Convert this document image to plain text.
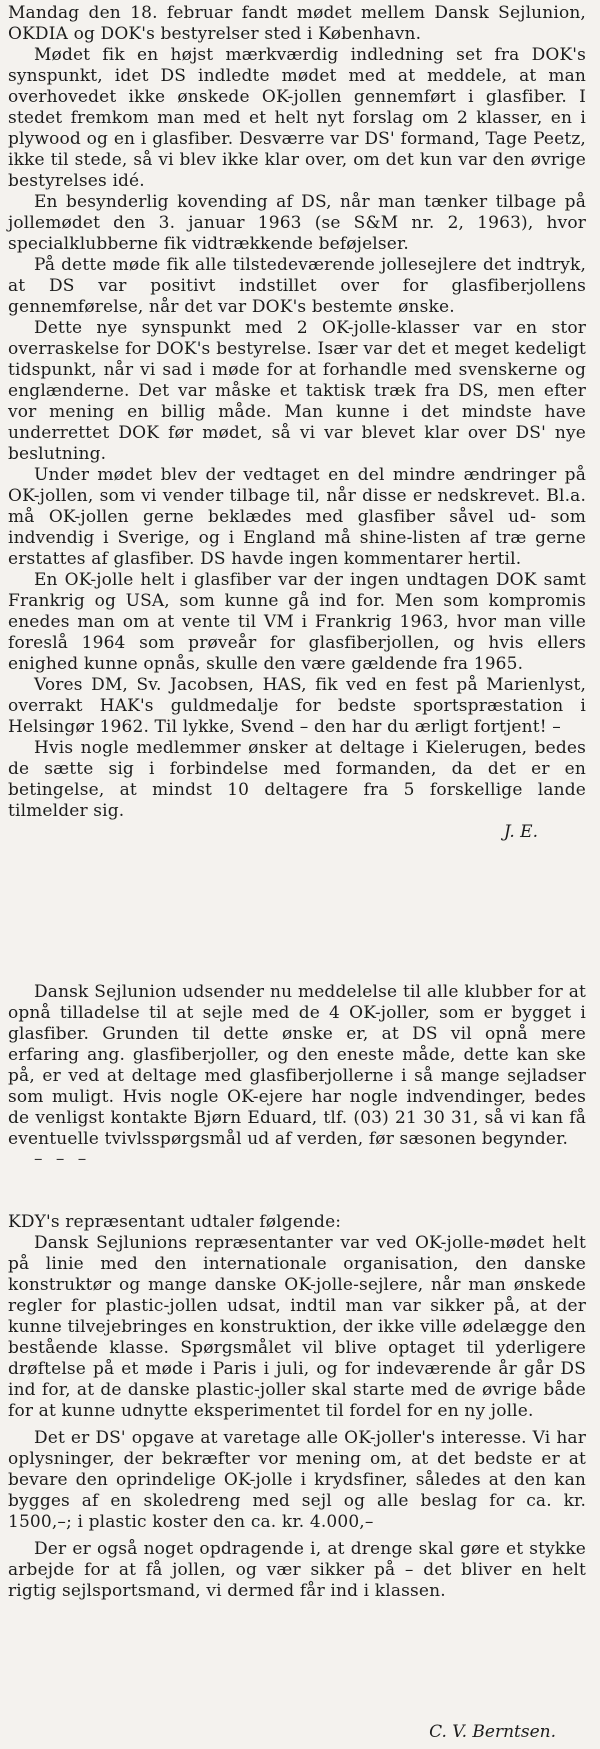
Mandag den 18. februar fandt mødet mellem Dansk Sejlunion, OKDIA og DOK's bestyrelser sted i København.

Mødet fik en højst mærkværdig indledning set fra DOK's synspunkt, idet DS indledte mødet med at meddele, at man overhovedet ikke ønskede OK-jollen gennemført i glasfiber. I stedet fremkom man med et helt nyt forslag om 2 klasser, en i plywood og en i glasfiber. Desværre var DS' formand, Tage Peetz, ikke til stede, så vi blev ikke klar over, om det kun var den øvrige bestyrelses idé.

En besynderlig kovending af DS, når man tænker tilbage på jollemødet den 3. januar 1963 (se S&M nr. 2, 1963), hvor specialklubberne fik vidtrækkende beføjelser.

På dette møde fik alle tilstedeværende jollesejlere det indtryk, at DS var positivt indstillet over for glasfiberjollens gennemførelse, når det var DOK's bestemte ønske.

Dette nye synspunkt med 2 OK-jolle-klasser var en stor overraskelse for DOK's bestyrelse. Især var det et meget kedeligt tidspunkt, når vi sad i møde for at forhandle med svenskerne og englænderne. Det var måske et taktisk træk fra DS, men efter vor mening en billig måde. Man kunne i det mindste have underrettet DOK før mødet, så vi var blevet klar over DS' nye beslutning.

Under mødet blev der vedtaget en del mindre ændringer på OK-jollen, som vi vender tilbage til, når disse er nedskrevet. Bl.a. må OK-jollen gerne beklædes med glasfiber såvel ud- som indvendig i Sverige, og i England må shine-listen af træ gerne erstattes af glasfiber. DS havde ingen kommentarer hertil.

En OK-jolle helt i glasfiber var der ingen undtagen DOK samt Frankrig og USA, som kunne gå ind for. Men som kompromis enedes man om at vente til VM i Frankrig 1963, hvor man ville foreslå 1964 som prøveår for glasfiberjollen, og hvis ellers enighed kunne opnås, skulle den være gældende fra 1965.

Vores DM, Sv. Jacobsen, HAS, fik ved en fest på Marienlyst, overrakt HAK's guldmedalje for bedste sportspræstation i Helsingør 1962. Til lykke, Svend – den har du ærligt fortjent! –

Hvis nogle medlemmer ønsker at deltage i Kielerugen, bedes de sætte sig i forbindelse med formanden, da det er en betingelse, at mindst 10 deltagere fra 5 forskellige lande tilmelder sig.

J. E.

Dansk Sejlunion udsender nu meddelelse til alle klubber for at opnå tilladelse til at sejle med de 4 OK-joller, som er bygget i glasfiber. Grunden til dette ønske er, at DS vil opnå mere erfaring ang. glasfiberjoller, og den eneste måde, dette kan ske på, er ved at deltage med glasfiberjollerne i så mange sejladser som muligt. Hvis nogle OK-ejere har nogle indvendinger, bedes de venligst kontakte Bjørn Eduard, tlf. (03) 21 30 31, så vi kan få eventuelle tvivlsspørgsmål ud af verden, før sæsonen begynder.

– – –

KDY's repræsentant udtaler følgende:

Dansk Sejlunions repræsentanter var ved OK-jolle-mødet helt på linie med den internationale organisation, den danske konstruktør og mange danske OK-jolle-sejlere, når man ønskede regler for plastic-jollen udsat, indtil man var sikker på, at der kunne tilvejebringes en konstruktion, der ikke ville ødelægge den bestående klasse. Spørgsmålet vil blive optaget til yderligere drøftelse på et møde i Paris i juli, og for indeværende år går DS ind for, at de danske plastic-joller skal starte med de øvrige både for at kunne udnytte eksperimentet til fordel for en ny jolle.

Det er DS' opgave at varetage alle OK-joller's interesse. Vi har oplysninger, der bekræfter vor mening om, at det bedste er at bevare den oprindelige OK-jolle i krydsfiner, således at den kan bygges af en skoledreng med sejl og alle beslag for ca. kr. 1500,–; i plastic koster den ca. kr. 4.000,–

Der er også noget opdragende i, at drenge skal gøre et stykke arbejde for at få jollen, og vær sikker på – det bliver en helt rigtig sejlsportsmand, vi dermed får ind i klassen.

C. V. Berntsen.
